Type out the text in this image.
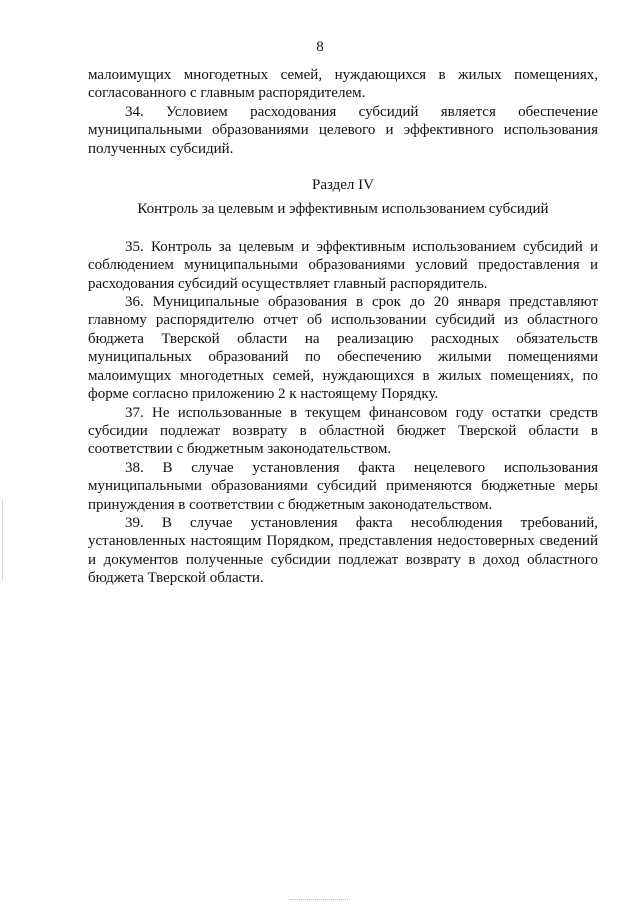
8

малоимущих многодетных семей, нуждающихся в жилых помещениях, согласованного с главным распорядителем.

34. Условием расходования субсидий является обеспечение муниципальными образованиями целевого и эффективного использования полученных субсидий.

Раздел IV

Контроль за целевым и эффективным использованием субсидий

35. Контроль за целевым и эффективным использованием субсидий и соблюдением муниципальными образованиями условий предоставления и расходования субсидий осуществляет главный распорядитель.

36. Муниципальные образования в срок до 20 января представляют главному распорядителю отчет об использовании субсидий из областного бюджета Тверской области на реализацию расходных обязательств муниципальных образований по обеспечению жилыми помещениями малоимущих многодетных семей, нуждающихся в жилых помещениях, по форме согласно приложению 2 к настоящему Порядку.

37. Не использованные в текущем финансовом году остатки средств субсидии подлежат возврату в областной бюджет Тверской области в соответствии с бюджетным законодательством.

38. В случае установления факта нецелевого использования муниципальными образованиями субсидий применяются бюджетные меры принуждения в соответствии с бюджетным законодательством.

39. В случае установления факта несоблюдения требований, установленных настоящим Порядком, представления недостоверных сведений и документов полученные субсидии подлежат возврату в доход областного бюджета Тверской области.
